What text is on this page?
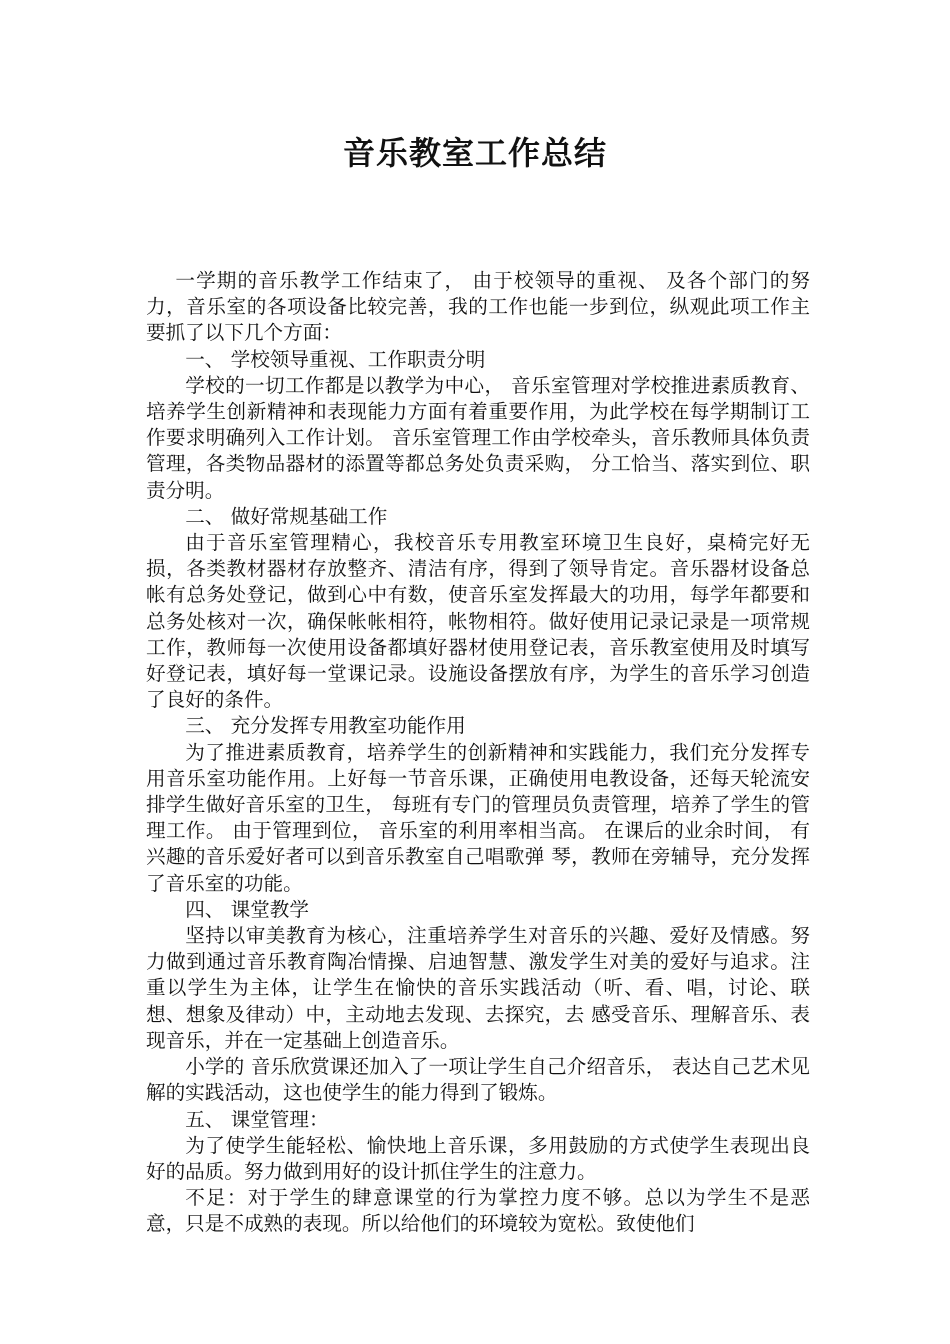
音乐教室工作总结

一学期的音乐教学工作结束了， 由于校领导的重视、 及各个部门的努力，音乐室的各项设备比较完善，我的工作也能一步到位，纵观此项工作主要抓了以下几个方面：

一、 学校领导重视、工作职责分明

学校的一切工作都是以教学为中心， 音乐室管理对学校推进素质教育、培养学生创新精神和表现能力方面有着重要作用，为此学校在每学期制订工作要求明确列入工作计划。 音乐室管理工作由学校牵头，音乐教师具体负责管理，各类物品器材的添置等都总务处负责采购， 分工恰当、落实到位、职责分明。

二、 做好常规基础工作

由于音乐室管理精心，我校音乐专用教室环境卫生良好，桌椅完好无损，各类教材器材存放整齐、清洁有序，得到了领导肯定。音乐器材设备总帐有总务处登记，做到心中有数，使音乐室发挥最大的功用，每学年都要和总务处核对一次，确保帐帐相符，帐物相符。做好使用记录记录是一项常规工作，教师每一次使用设备都填好器材使用登记表，音乐教室使用及时填写好登记表，填好每一堂课记录。设施设备摆放有序，为学生的音乐学习创造了良好的条件。

三、 充分发挥专用教室功能作用

为了推进素质教育，培养学生的创新精神和实践能力，我们充分发挥专用音乐室功能作用。上好每一节音乐课，正确使用电教设备，还每天轮流安排学生做好音乐室的卫生， 每班有专门的管理员负责管理，培养了学生的管理工作。 由于管理到位， 音乐室的利用率相当高。 在课后的业余时间， 有兴趣的音乐爱好者可以到音乐教室自己唱歌弹 琴，教师在旁辅导，充分发挥了音乐室的功能。

四、 课堂教学

坚持以审美教育为核心，注重培养学生对音乐的兴趣、爱好及情感。努力做到通过音乐教育陶冶情操、启迪智慧、激发学生对美的爱好与追求。注重以学生为主体，让学生在愉快的音乐实践活动（听、看、唱，讨论、联想、想象及律动）中，主动地去发现、去探究，去 感受音乐、理解音乐、表现音乐，并在一定基础上创造音乐。

小学的 音乐欣赏课还加入了一项让学生自己介绍音乐， 表达自己艺术见解的实践活动，这也使学生的能力得到了锻炼。

五、 课堂管理：

为了使学生能轻松、愉快地上音乐课，多用鼓励的方式使学生表现出良好的品质。努力做到用好的设计抓住学生的注意力。

不足：对于学生的肆意课堂的行为掌控力度不够。总以为学生不是恶意，只是不成熟的表现。所以给他们的环境较为宽松。致使他们
